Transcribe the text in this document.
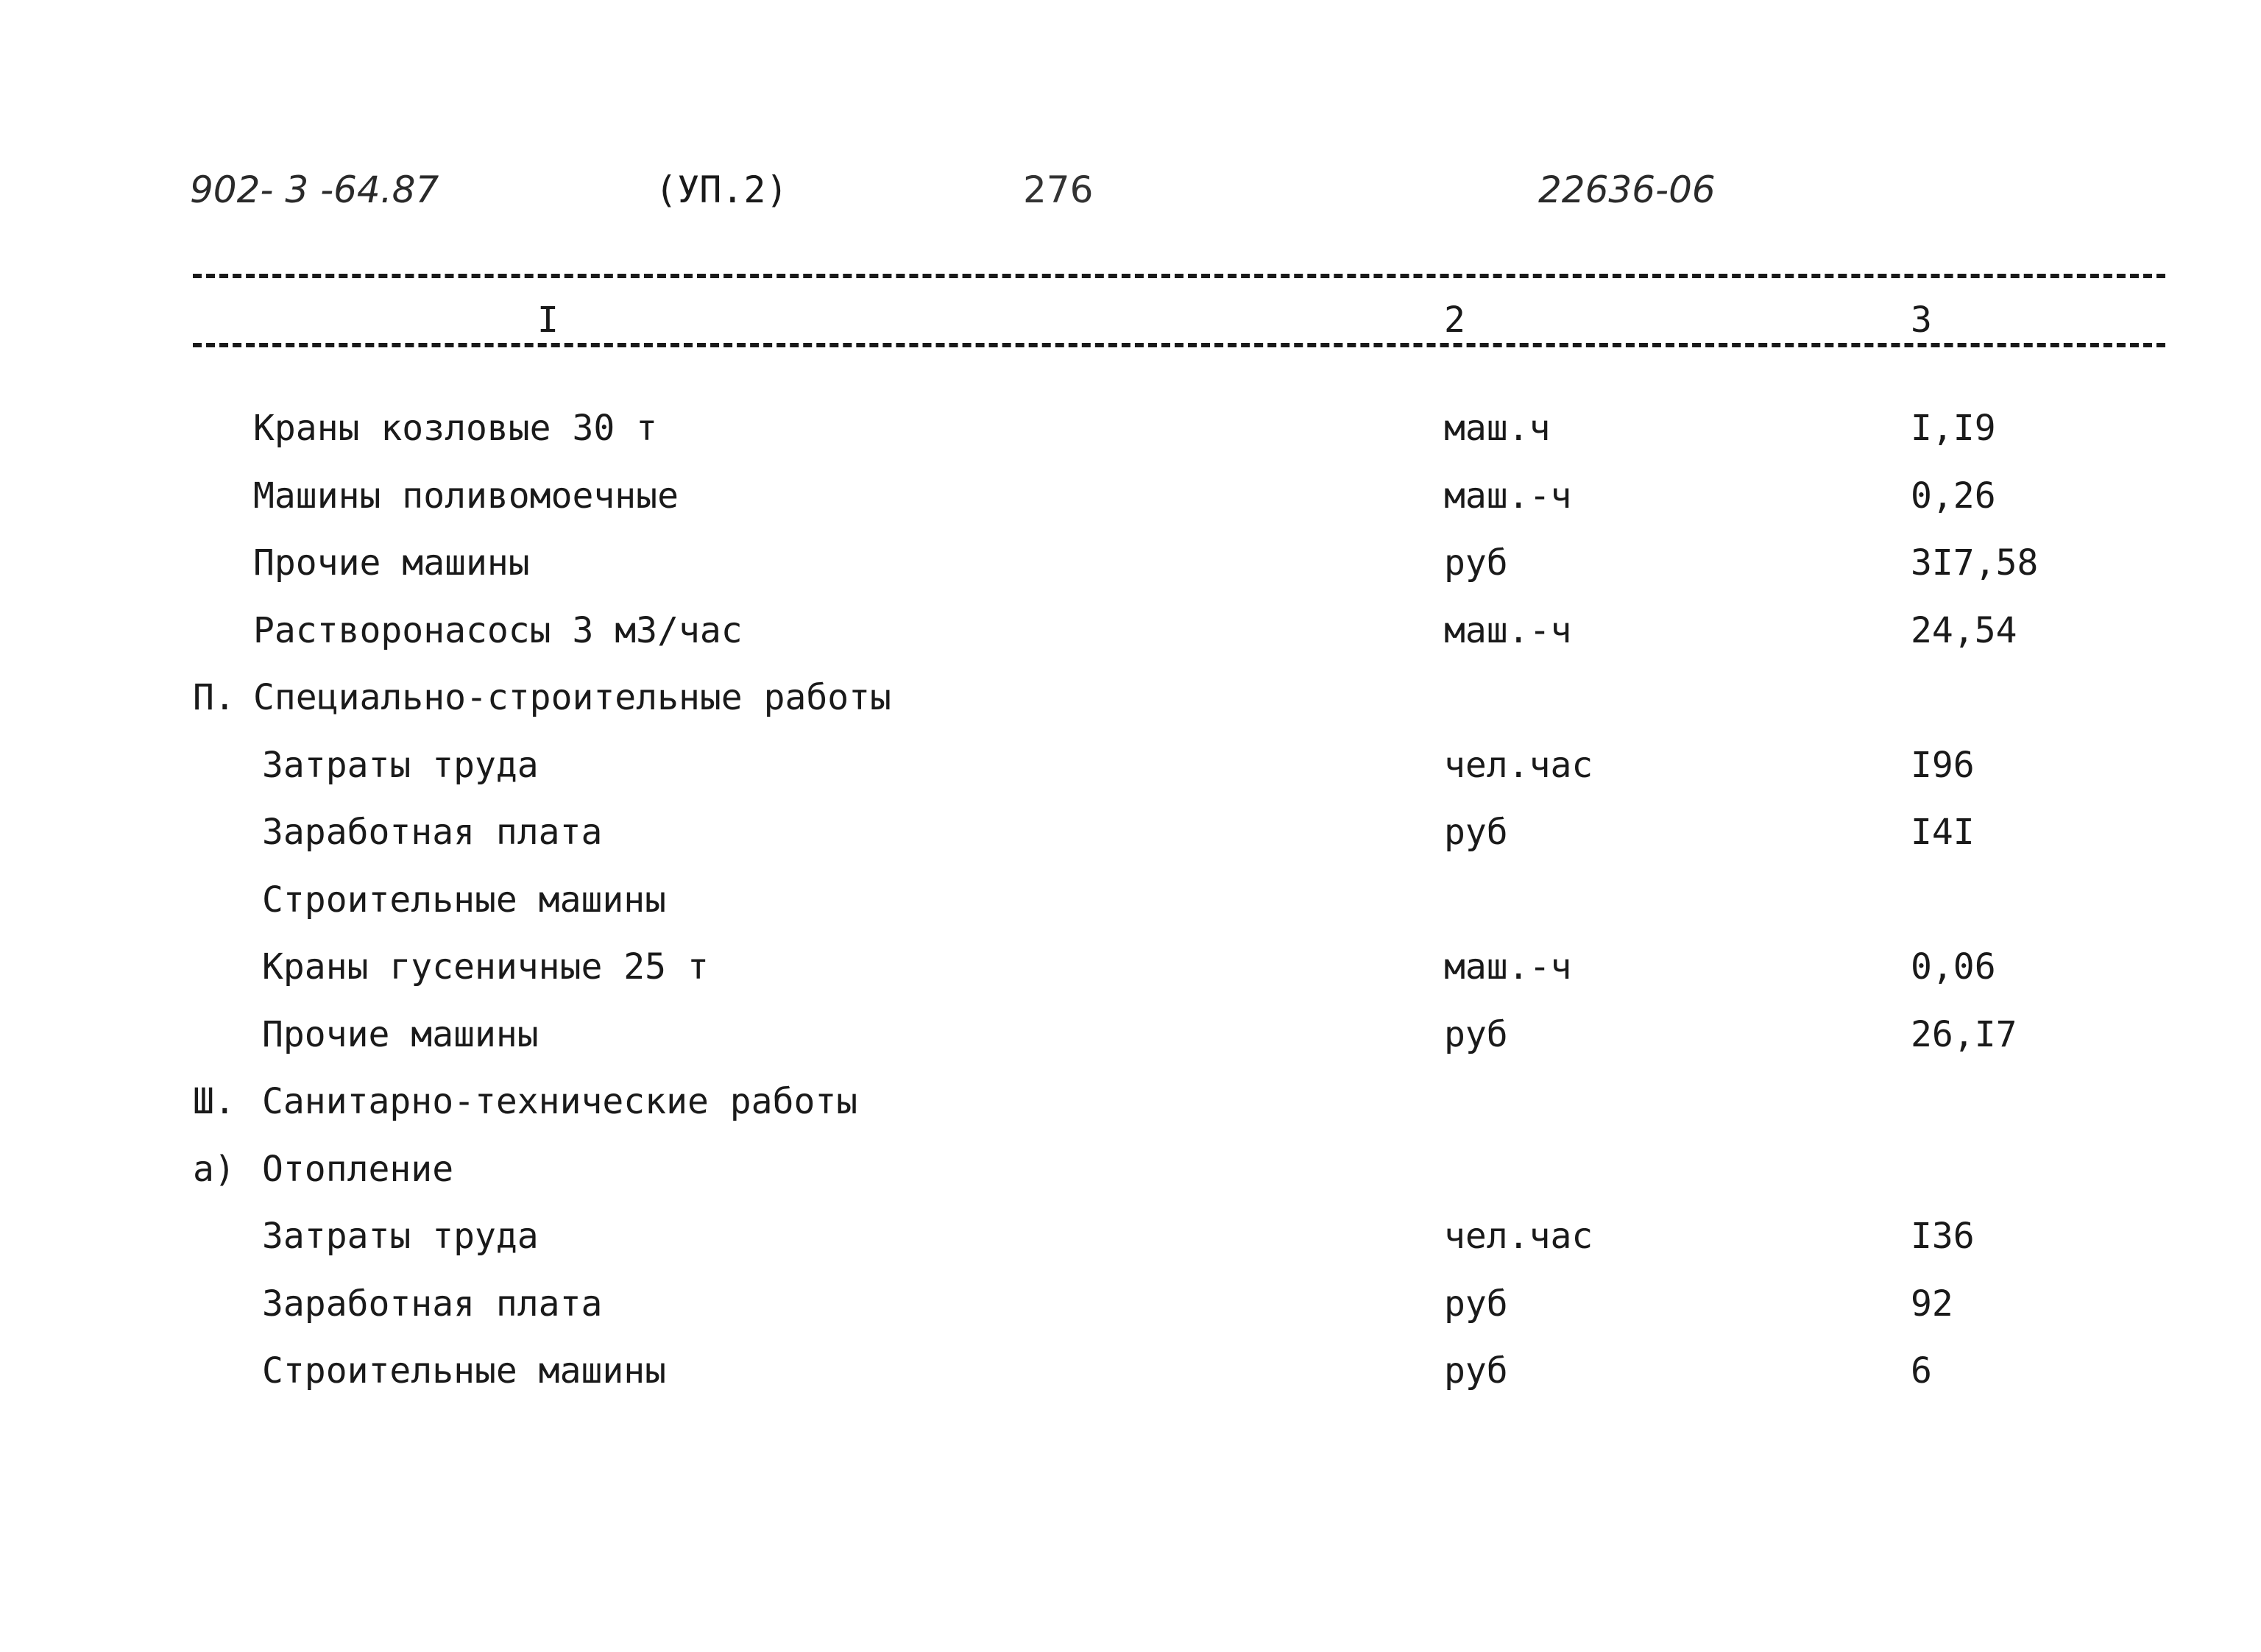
902- 3 -64.87	(УП.2)	276	22636-06
I	2	3
Краны козловые 30 т	маш.ч	I,I9
Машины поливомоечные	маш.-ч	0,26
Прочие машины	руб	3I7,58
Растворонасосы 3 м3/час	маш.-ч	24,54
П. Специально-строительные работы
Затраты труда	чел.час	I96
Заработная плата	руб	I4I
Строительные машины
Краны гусеничные 25 т	маш.-ч	0,06
Прочие машины	руб	26,I7
Ш. Санитарно-технические работы
а) Отопление
Затраты труда	чел.час	I36
Заработная плата	руб	92
Строительные машины	руб	6
